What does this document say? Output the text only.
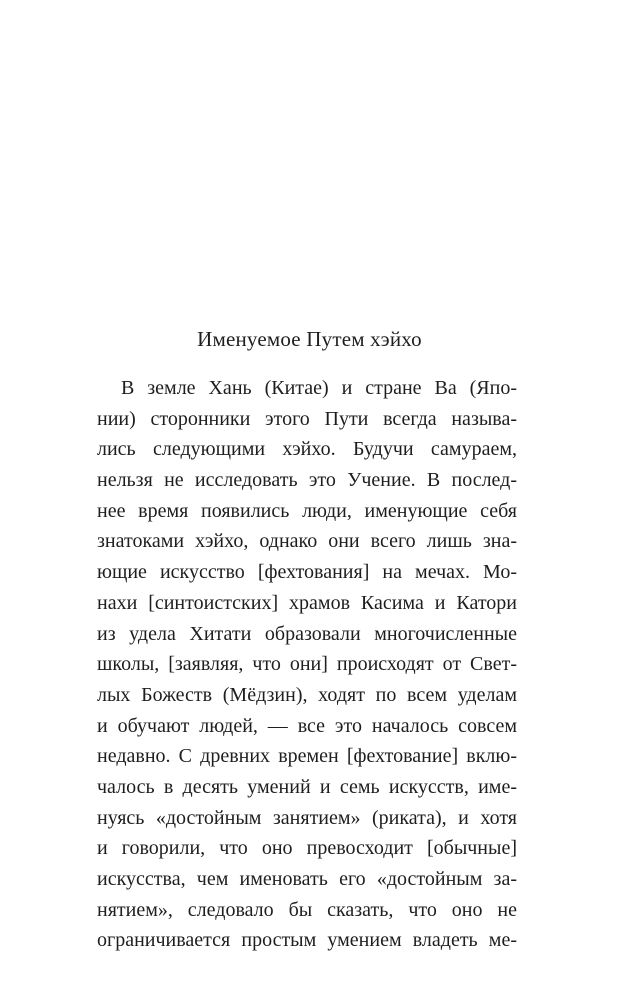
Именуемое Путем хэйхо
В земле Хань (Китае) и стране Ва (Япо-
нии) сторонники этого Пути всегда называ-
лись следующими хэйхо. Будучи самураем,
нельзя не исследовать это Учение. В послед-
нее время появились люди, именующие себя
знатоками хэйхо, однако они всего лишь зна-
ющие искусство [фехтования] на мечах. Мо-
нахи [синтоистских] храмов Касима и Катори
из удела Хитати образовали многочисленные
школы, [заявляя, что они] происходят от Свет-
лых Божеств (Мёдзин), ходят по всем уделам
и обучают людей, — все это началось совсем
недавно. С древних времен [фехтование] вклю-
чалось в десять умений и семь искусств, име-
нуясь «достойным занятием» (риката), и хотя
и говорили, что оно превосходит [обычные]
искусства, чем именовать его «достойным за-
нятием», следовало бы сказать, что оно не
ограничивается простым умением владеть ме-
